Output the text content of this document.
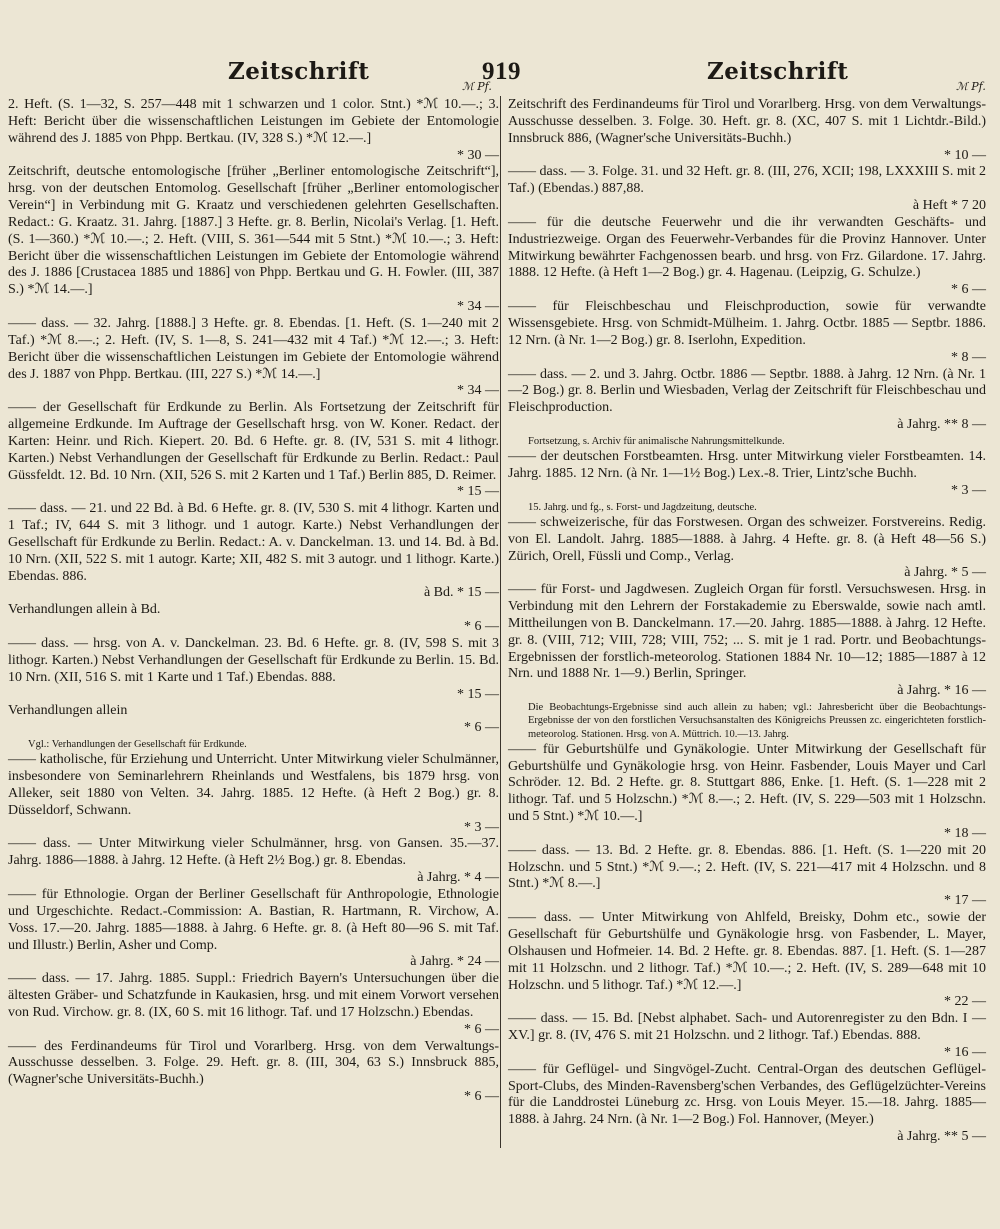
Zeitschrift	919	Zeitschrift
ℳ Pf.	ℳ Pf.

2. Heft. (S. 1—32, S. 257—448 mit 1 schwarzen und 1 color. Stnt.) *ℳ 10.—.; 3. Heft: Bericht über die wissenschaftlichen Leistungen im Gebiete der Entomologie während des J. 1885 von Phpp. Bertkau. (IV, 328 S.) *ℳ 12.—.]
* 30 —

Zeitschrift, deutsche entomologische [früher „Berliner entomologische Zeitschrift“], hrsg. von der deutschen Entomolog. Gesellschaft [früher „Berliner entomologischer Verein“] in Verbindung mit G. Kraatz und verschiedenen gelehrten Gesellschaften. Redact.: G. Kraatz. 31. Jahrg. [1887.] 3 Hefte. gr. 8. Berlin, Nicolai's Verlag. [1. Heft. (S. 1—360.) *ℳ 10.—.; 2. Heft. (VIII, S. 361—544 mit 5 Stnt.) *ℳ 10.—.; 3. Heft: Bericht über die wissenschaftlichen Leistungen im Gebiete der Entomologie während des J. 1886 [Crustacea 1885 und 1886] von Phpp. Bertkau und G. H. Fowler. (III, 387 S.) *ℳ 14.—.]
* 34 —

—— dass. — 32. Jahrg. [1888.] 3 Hefte. gr. 8. Ebendas. [1. Heft. (S. 1—240 mit 2 Taf.) *ℳ 8.—.; 2. Heft. (IV, S. 1—8, S. 241—432 mit 4 Taf.) *ℳ 12.—.; 3. Heft: Bericht über die wissenschaftlichen Leistungen im Gebiete der Entomologie während des J. 1887 von Phpp. Bertkau. (III, 227 S.) *ℳ 14.—.]
* 34 —

—— der Gesellschaft für Erdkunde zu Berlin. Als Fortsetzung der Zeitschrift für allgemeine Erdkunde. Im Auftrage der Gesellschaft hrsg. von W. Koner. Redact. der Karten: Heinr. und Rich. Kiepert. 20. Bd. 6 Hefte. gr. 8. (IV, 531 S. mit 4 lithogr. Karten.) Nebst Verhandlungen der Gesellschaft für Erdkunde zu Berlin. Redact.: Paul Güssfeldt. 12. Bd. 10 Nrn. (XII, 526 S. mit 2 Karten und 1 Taf.) Berlin 885, D. Reimer.
* 15 —

—— dass. — 21. und 22 Bd. à Bd. 6 Hefte. gr. 8. (IV, 530 S. mit 4 lithogr. Karten und 1 Taf.; IV, 644 S. mit 3 lithogr. und 1 autogr. Karte.) Nebst Verhandlungen der Gesellschaft für Erdkunde zu Berlin. Redact.: A. v. Danckelman. 13. und 14. Bd. à Bd. 10 Nrn. (XII, 522 S. mit 1 autogr. Karte; XII, 482 S. mit 3 autogr. und 1 lithogr. Karte.) Ebendas. 886.
à Bd. * 15 —

Verhandlungen allein à Bd.
* 6 —

—— dass. — hrsg. von A. v. Danckelman. 23. Bd. 6 Hefte. gr. 8. (IV, 598 S. mit 3 lithogr. Karten.) Nebst Verhandlungen der Gesellschaft für Erdkunde zu Berlin. 15. Bd. 10 Nrn. (XII, 516 S. mit 1 Karte und 1 Taf.) Ebendas. 888.
* 15 —

Verhandlungen allein
* 6 —

Vgl.: Verhandlungen der Gesellschaft für Erdkunde.

—— katholische, für Erziehung und Unterricht. Unter Mitwirkung vieler Schulmänner, insbesondere von Seminarlehrern Rheinlands und Westfalens, bis 1879 hrsg. von Alleker, seit 1880 von Velten. 34. Jahrg. 1885. 12 Hefte. (à Heft 2 Bog.) gr. 8. Düsseldorf, Schwann.
* 3 —

—— dass. — Unter Mitwirkung vieler Schulmänner, hrsg. von Gansen. 35.—37. Jahrg. 1886—1888. à Jahrg. 12 Hefte. (à Heft 2½ Bog.) gr. 8. Ebendas.
à Jahrg. * 4 —

—— für Ethnologie. Organ der Berliner Gesellschaft für Anthropologie, Ethnologie und Urgeschichte. Redact.-Commission: A. Bastian, R. Hartmann, R. Virchow, A. Voss. 17.—20. Jahrg. 1885—1888. à Jahrg. 6 Hefte. gr. 8. (à Heft 80—96 S. mit Taf. und Illustr.) Berlin, Asher und Comp.
à Jahrg. * 24 —

—— dass. — 17. Jahrg. 1885. Suppl.: Friedrich Bayern's Untersuchungen über die ältesten Gräber- und Schatzfunde in Kaukasien, hrsg. und mit einem Vorwort versehen von Rud. Virchow. gr. 8. (IX, 60 S. mit 16 lithogr. Taf. und 17 Holzschn.) Ebendas.
* 6 —

—— des Ferdinandeums für Tirol und Vorarlberg. Hrsg. von dem Verwaltungs-Ausschusse desselben. 3. Folge. 29. Heft. gr. 8. (III, 304, 63 S.) Innsbruck 885, (Wagner'sche Universitäts-Buchh.)
* 6 —

Zeitschrift des Ferdinandeums für Tirol und Vorarlberg. Hrsg. von dem Verwaltungs-Ausschusse desselben. 3. Folge. 30. Heft. gr. 8. (XC, 407 S. mit 1 Lichtdr.-Bild.) Innsbruck 886, (Wagner'sche Universitäts-Buchh.)
* 10 —

—— dass. — 3. Folge. 31. und 32 Heft. gr. 8. (III, 276, XCII; 198, LXXXIII S. mit 2 Taf.) (Ebendas.) 887,88.
à Heft * 7 20

—— für die deutsche Feuerwehr und die ihr verwandten Geschäfts- und Industriezweige. Organ des Feuerwehr-Verbandes für die Provinz Hannover. Unter Mitwirkung bewährter Fachgenossen bearb. und hrsg. von Frz. Gilardone. 17. Jahrg. 1888. 12 Hefte. (à Heft 1—2 Bog.) gr. 4. Hagenau. (Leipzig, G. Schulze.)
* 6 —

—— für Fleischbeschau und Fleischproduction, sowie für verwandte Wissensgebiete. Hrsg. von Schmidt-Mülheim. 1. Jahrg. Octbr. 1885 — Septbr. 1886. 12 Nrn. (à Nr. 1—2 Bog.) gr. 8. Iserlohn, Expedition.
* 8 —

—— dass. — 2. und 3. Jahrg. Octbr. 1886 — Septbr. 1888. à Jahrg. 12 Nrn. (à Nr. 1—2 Bog.) gr. 8. Berlin und Wiesbaden, Verlag der Zeitschrift für Fleischbeschau und Fleischproduction.
à Jahrg. ** 8 —

Fortsetzung, s. Archiv für animalische Nahrungsmittelkunde.

—— der deutschen Forstbeamten. Hrsg. unter Mitwirkung vieler Forstbeamten. 14. Jahrg. 1885. 12 Nrn. (à Nr. 1—1½ Bog.) Lex.-8. Trier, Lintz'sche Buchh.
* 3 —

15. Jahrg. und fg., s. Forst- und Jagdzeitung, deutsche.

—— schweizerische, für das Forstwesen. Organ des schweizer. Forstvereins. Redig. von El. Landolt. Jahrg. 1885—1888. à Jahrg. 4 Hefte. gr. 8. (à Heft 48—56 S.) Zürich, Orell, Füssli und Comp., Verlag.
à Jahrg. * 5 —

—— für Forst- und Jagdwesen. Zugleich Organ für forstl. Versuchswesen. Hrsg. in Verbindung mit den Lehrern der Forstakademie zu Eberswalde, sowie nach amtl. Mittheilungen von B. Danckelmann. 17.—20. Jahrg. 1885—1888. à Jahrg. 12 Hefte. gr. 8. (VIII, 712; VIII, 728; VIII, 752; ... S. mit je 1 rad. Portr. und Beobachtungs-Ergebnissen der forstlich-meteorolog. Stationen 1884 Nr. 10—12; 1885—1887 à 12 Nrn. und 1888 Nr. 1—9.) Berlin, Springer.
à Jahrg. * 16 —

Die Beobachtungs-Ergebnisse sind auch allein zu haben; vgl.: Jahresbericht über die Beobachtungs-Ergebnisse der von den forstlichen Versuchsanstalten des Königreichs Preussen zc. eingerichteten forstlich-meteorolog. Stationen. Hrsg. von A. Müttrich. 10.—13. Jahrg.

—— für Geburtshülfe und Gynäkologie. Unter Mitwirkung der Gesellschaft für Geburtshülfe und Gynäkologie hrsg. von Heinr. Fasbender, Louis Mayer und Carl Schröder. 12. Bd. 2 Hefte. gr. 8. Stuttgart 886, Enke. [1. Heft. (S. 1—228 mit 2 lithogr. Taf. und 5 Holzschn.) *ℳ 8.—.; 2. Heft. (IV, S. 229—503 mit 1 Holzschn. und 5 Stnt.) *ℳ 10.—.]
* 18 —

—— dass. — 13. Bd. 2 Hefte. gr. 8. Ebendas. 886. [1. Heft. (S. 1—220 mit 20 Holzschn. und 5 Stnt.) *ℳ 9.—.; 2. Heft. (IV, S. 221—417 mit 4 Holzschn. und 8 Stnt.) *ℳ 8.—.]
* 17 —

—— dass. — Unter Mitwirkung von Ahlfeld, Breisky, Dohm etc., sowie der Gesellschaft für Geburtshülfe und Gynäkologie hrsg. von Fasbender, L. Mayer, Olshausen und Hofmeier. 14. Bd. 2 Hefte. gr. 8. Ebendas. 887. [1. Heft. (S. 1—287 mit 11 Holzschn. und 2 lithogr. Taf.) *ℳ 10.—.; 2. Heft. (IV, S. 289—648 mit 10 Holzschn. und 5 lithogr. Taf.) *ℳ 12.—.]
* 22 —

—— dass. — 15. Bd. [Nebst alphabet. Sach- und Autorenregister zu den Bdn. I — XV.] gr. 8. (IV, 476 S. mit 21 Holzschn. und 2 lithogr. Taf.) Ebendas. 888.
* 16 —

—— für Geflügel- und Singvögel-Zucht. Central-Organ des deutschen Geflügel-Sport-Clubs, des Minden-Ravensberg'schen Verbandes, des Geflügelzüchter-Vereins für die Landdrostei Lüneburg zc. Hrsg. von Louis Meyer. 15.—18. Jahrg. 1885—1888. à Jahrg. 24 Nrn. (à Nr. 1—2 Bog.) Fol. Hannover, (Meyer.)
à Jahrg. ** 5 —
